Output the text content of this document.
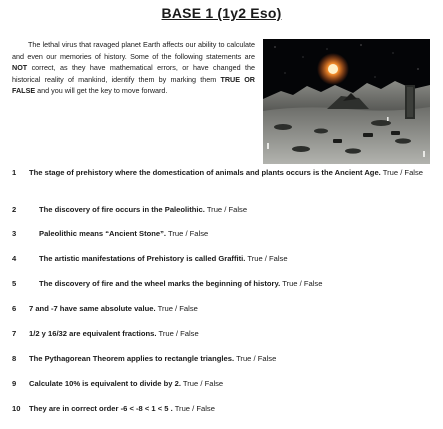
BASE 1 (1y2 Eso)

The lethal virus that ravaged planet Earth affects our ability to calculate and even our memories of history. Some of the following statements are NOT correct, as they have mathematical errors, or have changed the historical reality of mankind, identify them by marking them TRUE OR FALSE and you will get the key to move forward.

1	The stage of prehistory where the domestication of animals and plants occurs is the Ancient Age. True / False
2	The discovery of fire occurs in the Paleolithic. True / False
3	Paleolithic means “Ancient Stone”. True / False
4	The artistic manifestations of Prehistory is called Graffiti. True / False
5	The discovery of fire and the wheel marks the beginning of history. True / False
6	7 and -7 have same absolute value. True / False
7	1/2 y 16/32 are equivalent fractions. True / False
8	The Pythagorean Theorem applies to rectangle triangles. True / False
9	Calculate 10% is equivalent to divide by 2. True / False
10	They are in correct order -6 < -8 < 1 < 5 . True / False
